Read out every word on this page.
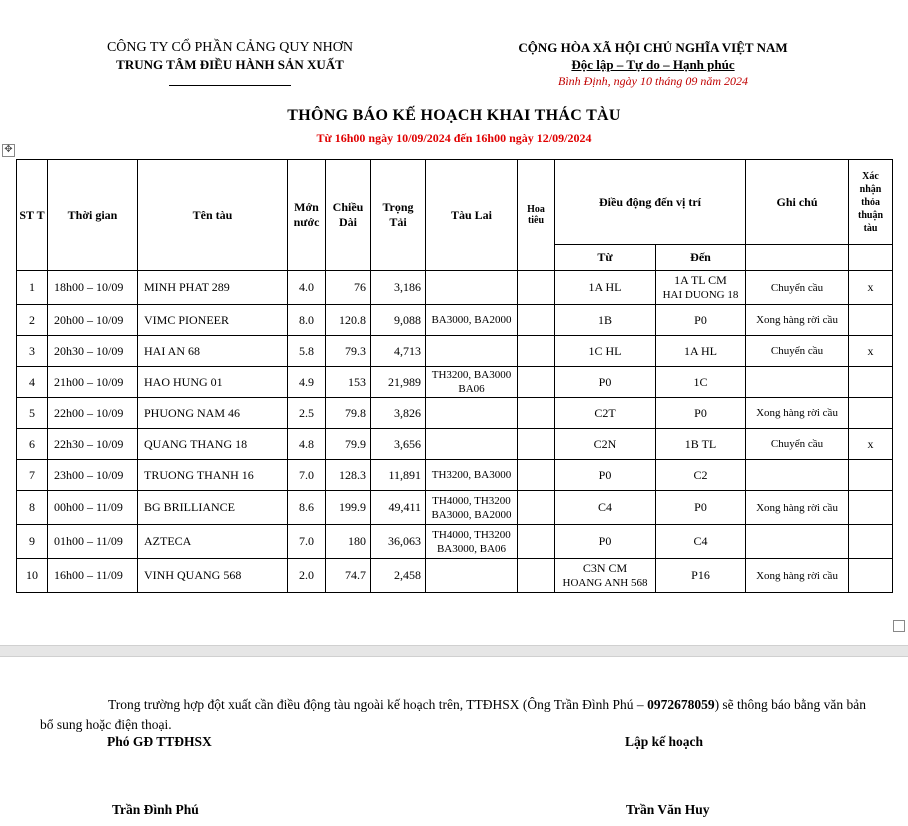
CÔNG TY CỔ PHẦN CẢNG QUY NHƠN
TRUNG TÂM ĐIỀU HÀNH SẢN XUẤT
CỘNG HÒA XÃ HỘI CHỦ NGHĨA VIỆT NAM
Độc lập – Tự do – Hạnh phúc
Bình Định, ngày 10 tháng 09 năm 2024
THÔNG BÁO KẾ HOẠCH KHAI THÁC TÀU
Từ 16h00 ngày 10/09/2024 đến 16h00 ngày 12/09/2024
✥
ST T	Thời gian	Tên tàu	Mớn nước	Chiều Dài	Trọng Tải	Tàu Lai	Hoa tiêu	Điều động đến vị trí		Ghi chú	Xác nhận thỏa thuận tàu
								Từ	Đến		
1	18h00 – 10/09	MINH PHAT 289	4.0	76	3,186			1A HL	1A TL CM
HAI DUONG 18	Chuyển cầu	x
2	20h00 – 10/09	VIMC PIONEER	8.0	120.8	9,088	BA3000, BA2000		1B	P0	Xong hàng rời cầu	
3	20h30 – 10/09	HAI AN 68	5.8	79.3	4,713			1C HL	1A HL	Chuyển cầu	x
4	21h00 – 10/09	HAO HUNG 01	4.9	153	21,989	TH3200, BA3000 BA06		P0	1C		
5	22h00 – 10/09	PHUONG NAM 46	2.5	79.8	3,826			C2T	P0	Xong hàng rời cầu	
6	22h30 – 10/09	QUANG THANG 18	4.8	79.9	3,656			C2N	1B TL	Chuyển cầu	x
7	23h00 – 10/09	TRUONG THANH 16	7.0	128.3	11,891	TH3200, BA3000		P0	C2		
8	00h00 – 11/09	BG BRILLIANCE	8.6	199.9	49,411	TH4000, TH3200 BA3000, BA2000		C4	P0	Xong hàng rời cầu	
9	01h00 – 11/09	AZTECA	7.0	180	36,063	TH4000, TH3200 BA3000, BA06		P0	C4		
10	16h00 – 11/09	VINH QUANG 568	2.0	74.7	2,458			C3N CM
HOANG ANH 568	P16	Xong hàng rời cầu	
Trong trường hợp đột xuất cần điều động tàu ngoài kế hoạch trên, TTĐHSX (Ông Trần Đình Phú – 0972678059) sẽ thông báo bằng văn bản bổ sung hoặc điện thoại.
Phó GĐ TTĐHSX	Lập kế hoạch
Trần Đình Phú	Trần Văn Huy
